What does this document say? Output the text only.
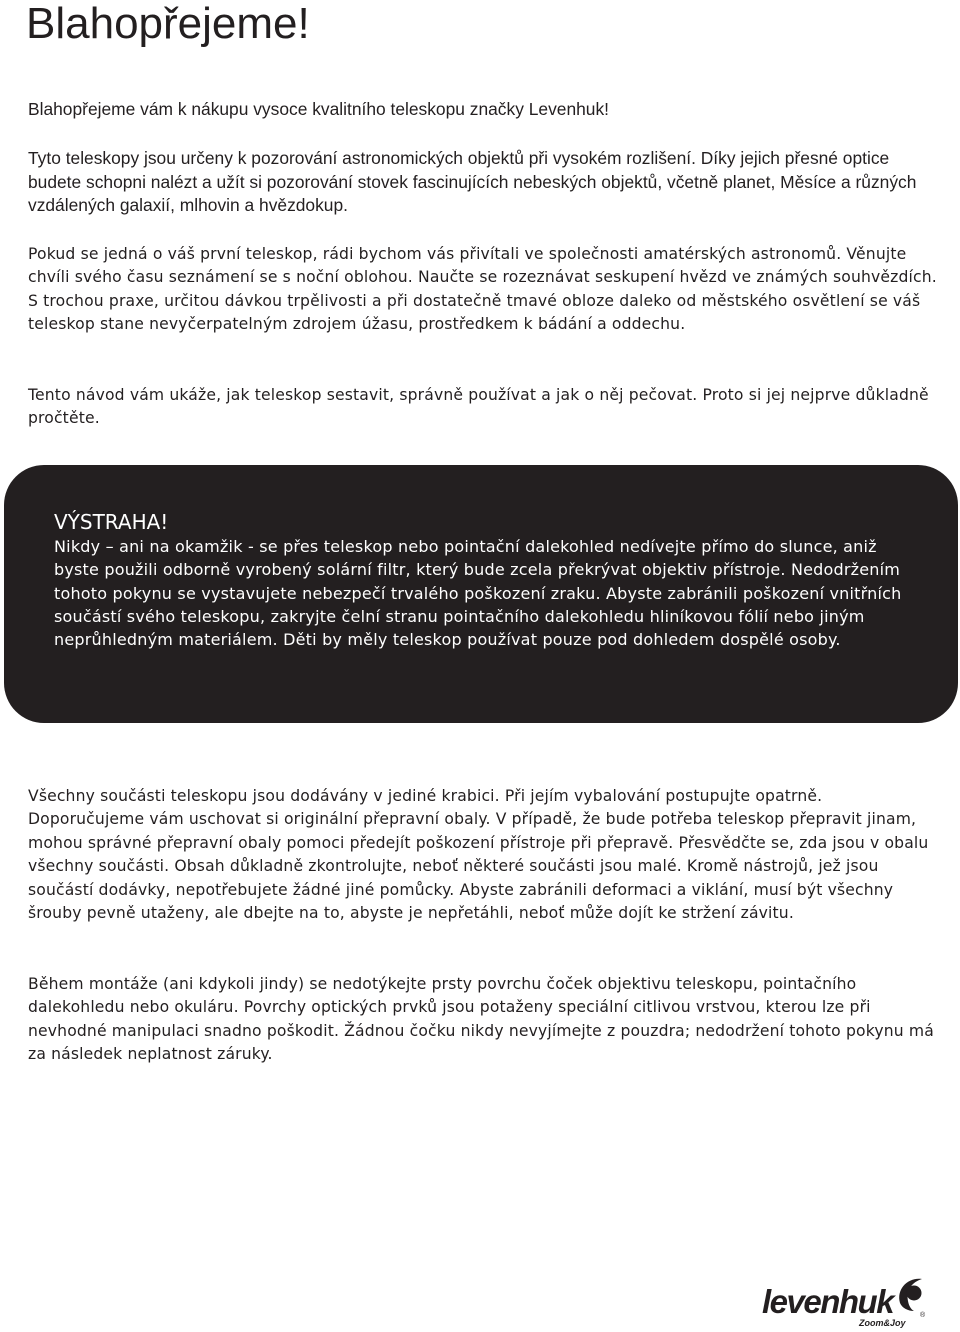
Blahopřejeme!

Blahopřejeme vám k nákupu vysoce kvalitního teleskopu značky Levenhuk!

Tyto teleskopy jsou určeny k pozorování astronomických objektů při vysokém rozlišení. Díky jejich přesné optice budete schopni nalézt a užít si pozorování stovek fascinujících nebeských objektů, včetně planet, Měsíce a různých vzdálených galaxií, mlhovin a hvězdokup.

Pokud se jedná o váš první teleskop, rádi bychom vás přivítali ve společnosti amatérských astronomů. Věnujte chvíli svého času seznámení se s noční oblohou. Naučte se rozeznávat seskupení hvězd ve známých souhvězdích. S trochou praxe, určitou dávkou trpělivosti a při dostatečně tmavé obloze daleko od městského osvětlení se váš teleskop stane nevyčerpatelným zdrojem úžasu, prostředkem k bádání a oddechu.

Tento návod vám ukáže, jak teleskop sestavit, správně používat a jak o něj pečovat. Proto si jej nejprve důkladně pročtěte.

VÝSTRAHA!

Nikdy – ani na okamžik - se přes teleskop nebo pointační dalekohled nedívejte přímo do slunce, aniž byste použili odborně vyrobený solární filtr, který bude zcela překrývat objektiv přístroje. Nedodržením tohoto pokynu se vystavujete nebezpečí trvalého poškození zraku. Abyste zabránili poškození vnitřních součástí svého teleskopu, zakryjte čelní stranu pointačního dalekohledu hliníkovou fólií nebo jiným neprůhledným materiálem. Děti by měly teleskop používat pouze pod dohledem dospělé osoby.

Všechny součásti teleskopu jsou dodávány v jediné krabici. Při jejím vybalování postupujte opatrně. Doporučujeme vám uschovat si originální přepravní obaly. V případě, že bude potřeba teleskop přepravit jinam, mohou správné přepravní obaly pomoci předejít poškození přístroje při přepravě. Přesvědčte se, zda jsou v obalu všechny součásti. Obsah důkladně zkontrolujte, neboť některé součásti jsou malé. Kromě nástrojů, jež jsou součástí dodávky, nepotřebujete žádné jiné pomůcky. Abyste zabránili deformaci a viklání, musí být všechny šrouby pevně utaženy, ale dbejte na to, abyste je nepřetáhli, neboť může dojít ke stržení závitu.

Během montáže (ani kdykoli jindy) se nedotýkejte prsty povrchu čoček objektivu teleskopu, pointačního dalekohledu nebo okuláru. Povrchy optických prvků jsou potaženy speciální citlivou vrstvou, kterou lze při nevhodné manipulaci snadno poškodit. Žádnou čočku nikdy nevyjímejte z pouzdra; nedodržení tohoto pokynu má za následek neplatnost záruky.

levenhuk	®
Zoom&Joy
